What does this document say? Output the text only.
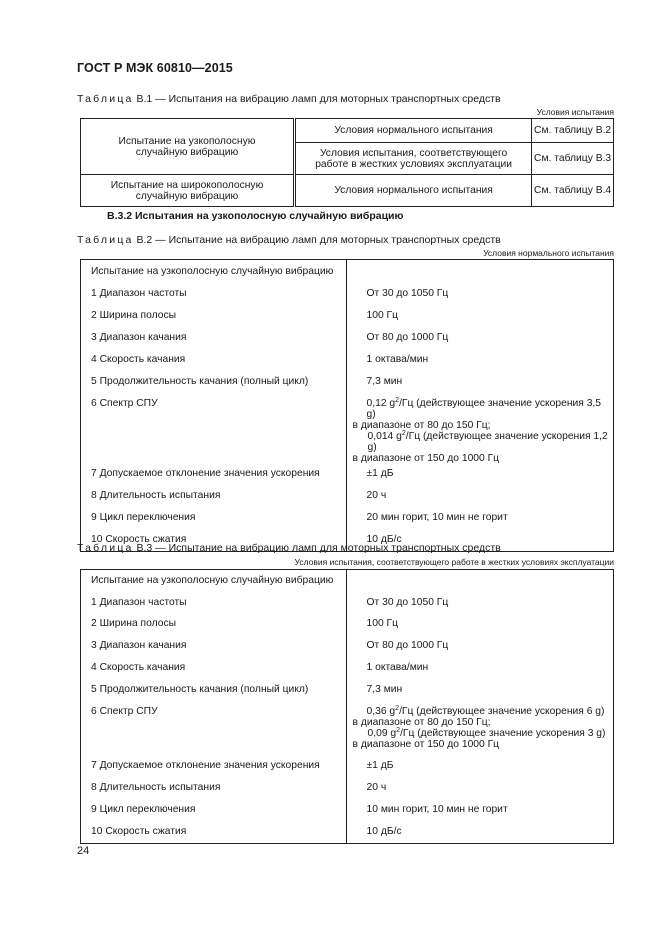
ГОСТ Р МЭК 60810—2015
Таблица В.1 — Испытания на вибрацию ламп для моторных транспортных средств
Условия испытания
Испытание на узкополосную случайную вибрацию	Условия нормального испытания	См. таблицу В.2
	Условия испытания, соответствующего работе в жестких условиях эксплуатации	См. таблицу В.3
Испытание на широкополосную случайную вибрацию	Условия нормального испытания	См. таблицу В.4
В.3.2 Испытания на узкополосную случайную вибрацию
Таблица В.2 — Испытание на вибрацию ламп для моторных транспортных средств
Условия нормального испытания
Испытание на узкополосную случайную вибрацию	
1 Диапазон частоты	От 30 до 1050 Гц
2 Ширина полосы	100 Гц
3 Диапазон качания	От 80 до 1000 Гц
4 Скорость качания	1 октава/мин
5 Продолжительность качания (полный цикл)	7,3 мин
6 Спектр СПУ	0,12 $g^2/Гц$ (действующее значение ускорения 3,5 g)
в диапазоне от 80 до 150 Гц;
0,014 $g^2/Гц$ (действующее значение ускорения 1,2 g)
в диапазоне от 150 до 1000 Гц

7 Допускаемое отклонение значения ускорения	±1 дБ
8 Длительность испытания	20 ч
9 Цикл переключения	20 мин горит, 10 мин не горит
10 Скорость сжатия	10 дБ/с
Таблица В.3 — Испытание на вибрацию ламп для моторных транспортных средств
Условия испытания, соответствующего работе в жестких условиях эксплуатации
Испытание на узкополосную случайную вибрацию	
1 Диапазон частоты	От 30 до 1050 Гц
2 Ширина полосы	100 Гц
3 Диапазон качания	От 80 до 1000 Гц
4 Скорость качания	1 октава/мин
5 Продолжительность качания (полный цикл)	7,3 мин
6 Спектр СПУ	0,36 $g^2/Гц$ (действующее значение ускорения 6 g)
в диапазоне от 80 до 150 Гц;
0,09 $g^2/Гц$ (действующее значение ускорения 3 g)
в диапазоне от 150 до 1000 Гц

7 Допускаемое отклонение значения ускорения	±1 дБ
8 Длительность испытания	20 ч
9 Цикл переключения	10 мин горит, 10 мин не горит
10 Скорость сжатия	10 дБ/с
24
